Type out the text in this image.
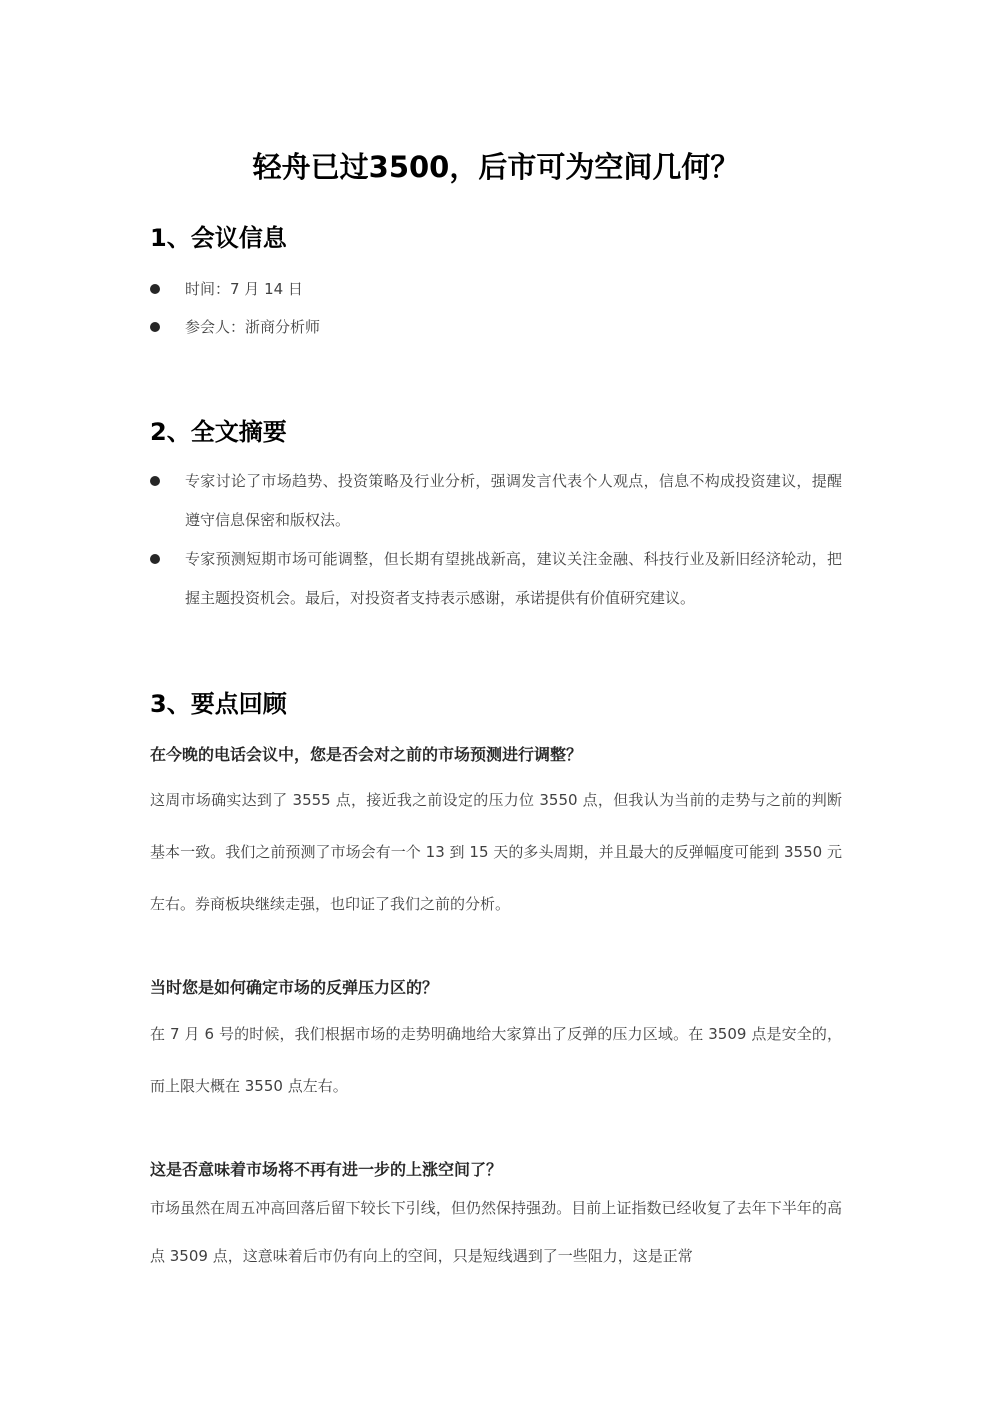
轻舟已过3500，后市可为空间几何？
1、会议信息
时间：7 月 14 日
参会人：浙商分析师
2、全文摘要
专家讨论了市场趋势、投资策略及行业分析，强调发言代表个人观点，信息不构成投资建议，提醒遵守信息保密和版权法。
专家预测短期市场可能调整，但长期有望挑战新高，建议关注金融、科技行业及新旧经济轮动，把握主题投资机会。最后，对投资者支持表示感谢，承诺提供有价值研究建议。
3、要点回顾
在今晚的电话会议中，您是否会对之前的市场预测进行调整？
这周市场确实达到了 3555 点，接近我之前设定的压力位 3550 点，但我认为当前的走势与之前的判断基本一致。我们之前预测了市场会有一个 13 到 15 天的多头周期，并且最大的反弹幅度可能到 3550 元左右。券商板块继续走强，也印证了我们之前的分析。
当时您是如何确定市场的反弹压力区的？
在 7 月 6 号的时候，我们根据市场的走势明确地给大家算出了反弹的压力区域。在 3509 点是安全的，而上限大概在 3550 点左右。
这是否意味着市场将不再有进一步的上涨空间了？
市场虽然在周五冲高回落后留下较长下引线，但仍然保持强劲。目前上证指数已经收复了去年下半年的高点 3509 点，这意味着后市仍有向上的空间，只是短线遇到了一些阻力，这是正常
